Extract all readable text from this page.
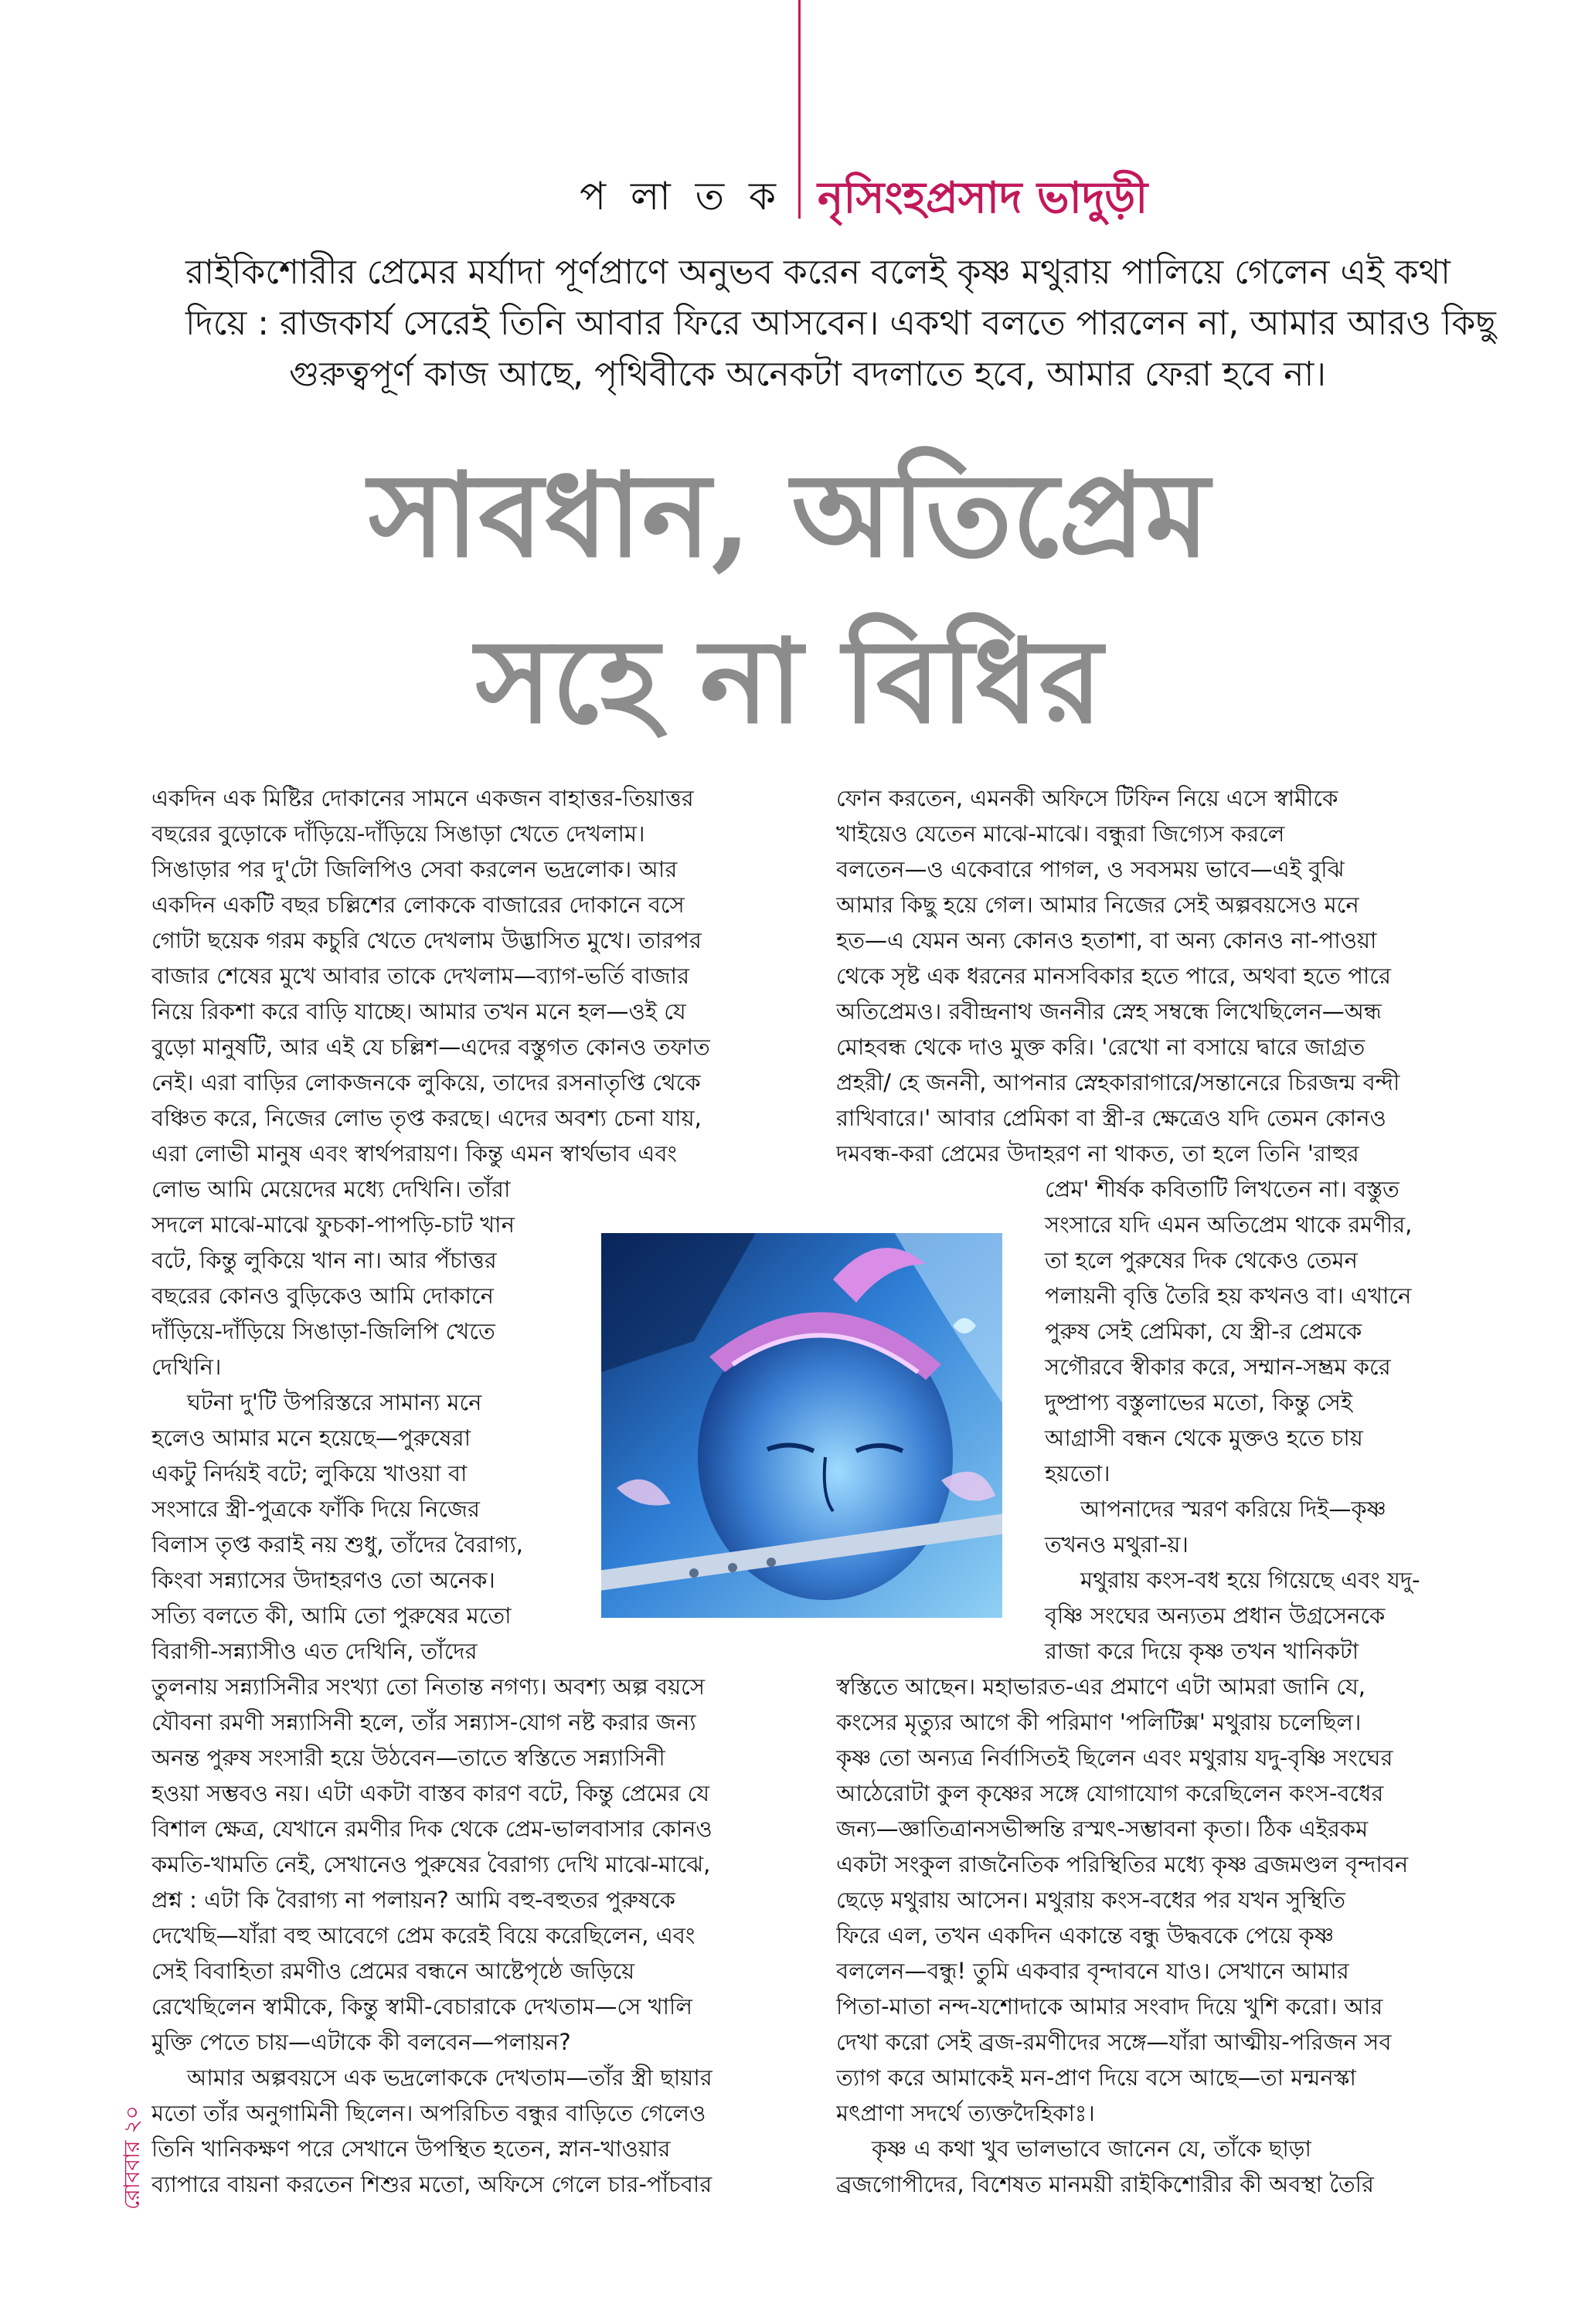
প লা ত ক নৃসিংহপ্রসাদ ভাদুড়ী
রাইকিশোরীর প্রেমের মর্যাদা পূর্ণপ্রাণে অনুভব করেন বলেই কৃষ্ণ মথুরায় পালিয়ে গেলেন এই কথা
দিয়ে : রাজকার্য সেরেই তিনি আবার ফিরে আসবেন। একথা বলতে পারলেন না, আমার আরও কিছু
গুরুত্বপূর্ণ কাজ আছে, পৃথিবীকে অনেকটা বদলাতে হবে, আমার ফেরা হবে না।
সাবধান, অতিপ্রেম
সহে না বিধির
একদিন এক মিষ্টির দোকানের সামনে একজন বাহাত্তর-তিয়াত্তর
বছরের বুড়োকে দাঁড়িয়ে-দাঁড়িয়ে সিঙাড়া খেতে দেখলাম।
সিঙাড়ার পর দু'টো জিলিপিও সেবা করলেন ভদ্রলোক। আর
একদিন একটি বছর চল্লিশের লোককে বাজারের দোকানে বসে
গোটা ছয়েক গরম কচুরি খেতে দেখলাম উদ্ভাসিত মুখে। তারপর
বাজার শেষের মুখে আবার তাকে দেখলাম—ব্যাগ-ভর্তি বাজার
নিয়ে রিকশা করে বাড়ি যাচ্ছে। আমার তখন মনে হল—ওই যে
বুড়ো মানুষটি, আর এই যে চল্লিশ—এদের বস্তুগত কোনও তফাত
নেই। এরা বাড়ির লোকজনকে লুকিয়ে, তাদের রসনাতৃপ্তি থেকে
বঞ্চিত করে, নিজের লোভ তৃপ্ত করছে। এদের অবশ্য চেনা যায়,
এরা লোভী মানুষ এবং স্বার্থপরায়ণ। কিন্তু এমন স্বার্থভাব এবং
লোভ আমি মেয়েদের মধ্যে দেখিনি। তাঁরা
সদলে মাঝে-মাঝে ফুচকা-পাপড়ি-চাট খান
বটে, কিন্তু লুকিয়ে খান না। আর পঁচাত্তর
বছরের কোনও বুড়িকেও আমি দোকানে
দাঁড়িয়ে-দাঁড়িয়ে সিঙাড়া-জিলিপি খেতে
দেখিনি।
ঘটনা দু'টি উপরিস্তরে সামান্য মনে
হলেও আমার মনে হয়েছে—পুরুষেরা
একটু নির্দয়ই বটে; লুকিয়ে খাওয়া বা
সংসারে স্ত্রী-পুত্রকে ফাঁকি দিয়ে নিজের
বিলাস তৃপ্ত করাই নয় শুধু, তাঁদের বৈরাগ্য,
কিংবা সন্ন্যাসের উদাহরণও তো অনেক।
সত্যি বলতে কী, আমি তো পুরুষের মতো
বিরাগী-সন্ন্যাসীও এত দেখিনি, তাঁদের
তুলনায় সন্ন্যাসিনীর সংখ্যা তো নিতান্ত নগণ্য। অবশ্য অল্প বয়সে
যৌবনা রমণী সন্ন্যাসিনী হলে, তাঁর সন্ন্যাস-যোগ নষ্ট করার জন্য
অনন্ত পুরুষ সংসারী হয়ে উঠবেন—তাতে স্বস্তিতে সন্ন্যাসিনী
হওয়া সম্ভবও নয়। এটা একটা বাস্তব কারণ বটে, কিন্তু প্রেমের যে
বিশাল ক্ষেত্র, যেখানে রমণীর দিক থেকে প্রেম-ভালবাসার কোনও
কমতি-খামতি নেই, সেখানেও পুরুষের বৈরাগ্য দেখি মাঝে-মাঝে,
প্রশ্ন : এটা কি বৈরাগ্য না পলায়ন? আমি বহু-বহুতর পুরুষকে
দেখেছি—যাঁরা বহু আবেগে প্রেম করেই বিয়ে করেছিলেন, এবং
সেই বিবাহিতা রমণীও প্রেমের বন্ধনে আষ্টেপৃষ্ঠে জড়িয়ে
রেখেছিলেন স্বামীকে, কিন্তু স্বামী-বেচারাকে দেখতাম—সে খালি
মুক্তি পেতে চায়—এটাকে কী বলবেন—পলায়ন?
আমার অল্পবয়সে এক ভদ্রলোককে দেখতাম—তাঁর স্ত্রী ছায়ার
মতো তাঁর অনুগামিনী ছিলেন। অপরিচিত বন্ধুর বাড়িতে গেলেও
তিনি খানিকক্ষণ পরে সেখানে উপস্থিত হতেন, স্নান-খাওয়ার
ব্যাপারে বায়না করতেন শিশুর মতো, অফিসে গেলে চার-পাঁচবার
ফোন করতেন, এমনকী অফিসে টিফিন নিয়ে এসে স্বামীকে
খাইয়েও যেতেন মাঝে-মাঝে। বন্ধুরা জিগ্যেস করলে
বলতেন—ও একেবারে পাগল, ও সবসময় ভাবে—এই বুঝি
আমার কিছু হয়ে গেল। আমার নিজের সেই অল্পবয়সেও মনে
হত—এ যেমন অন্য কোনও হতাশা, বা অন্য কোনও না-পাওয়া
থেকে সৃষ্ট এক ধরনের মানসবিকার হতে পারে, অথবা হতে পারে
অতিপ্রেমও। রবীন্দ্রনাথ জননীর স্নেহ সম্বন্ধে লিখেছিলেন—অন্ধ
মোহবন্ধ থেকে দাও মুক্ত করি। 'রেখো না বসায়ে দ্বারে জাগ্রত
প্রহরী/ হে জননী, আপনার স্নেহকারাগারে/সন্তানেরে চিরজন্ম বন্দী
রাখিবারে।' আবার প্রেমিকা বা স্ত্রী-র ক্ষেত্রেও যদি তেমন কোনও
দমবন্ধ-করা প্রেমের উদাহরণ না থাকত, তা হলে তিনি 'রাহুর
প্রেম' শীর্ষক কবিতাটি লিখতেন না। বস্তুত
সংসারে যদি এমন অতিপ্রেম থাকে রমণীর,
তা হলে পুরুষের দিক থেকেও তেমন
পলায়নী বৃত্তি তৈরি হয় কখনও বা। এখানে
পুরুষ সেই প্রেমিকা, যে স্ত্রী-র প্রেমকে
সগৌরবে স্বীকার করে, সম্মান-সম্ভ্রম করে
দুষ্প্রাপ্য বস্তুলাভের মতো, কিন্তু সেই
আগ্রাসী বন্ধন থেকে মুক্তও হতে চায়
হয়তো।
আপনাদের স্মরণ করিয়ে দিই—কৃষ্ণ
তখনও মথুরা-য়।
মথুরায় কংস-বধ হয়ে গিয়েছে এবং যদু-
বৃষ্ণি সংঘের অন্যতম প্রধান উগ্রসেনকে
রাজা করে দিয়ে কৃষ্ণ তখন খানিকটা
স্বস্তিতে আছেন। মহাভারত-এর প্রমাণে এটা আমরা জানি যে,
কংসের মৃত্যুর আগে কী পরিমাণ 'পলিটিক্স' মথুরায় চলেছিল।
কৃষ্ণ তো অন্যত্র নির্বাসিতই ছিলেন এবং মথুরায় যদু-বৃষ্ণি সংঘের
আঠেরোটা কুল কৃষ্ণের সঙ্গে যোগাযোগ করেছিলেন কংস-বধের
জন্য—জ্ঞাতিত্রানসভীপ্সন্তি রস্মৎ-সম্ভাবনা কৃতা। ঠিক এইরকম
একটা সংকুল রাজনৈতিক পরিস্থিতির মধ্যে কৃষ্ণ ব্রজমণ্ডল বৃন্দাবন
ছেড়ে মথুরায় আসেন। মথুরায় কংস-বধের পর যখন সুস্থিতি
ফিরে এল, তখন একদিন একান্তে বন্ধু উদ্ধবকে পেয়ে কৃষ্ণ
বললেন—বন্ধু! তুমি একবার বৃন্দাবনে যাও। সেখানে আমার
পিতা-মাতা নন্দ-যশোদাকে আমার সংবাদ দিয়ে খুশি করো। আর
দেখা করো সেই ব্রজ-রমণীদের সঙ্গে—যাঁরা আত্মীয়-পরিজন সব
ত্যাগ করে আমাকেই মন-প্রাণ দিয়ে বসে আছে—তা মন্মনস্কা
মৎপ্রাণা সদর্থে ত্যক্তদৈহিকাঃ।
কৃষ্ণ এ কথা খুব ভালভাবে জানেন যে, তাঁকে ছাড়া
ব্রজগোপীদের, বিশেষত মানময়ী রাইকিশোরীর কী অবস্থা তৈরি
রোববার ২০
